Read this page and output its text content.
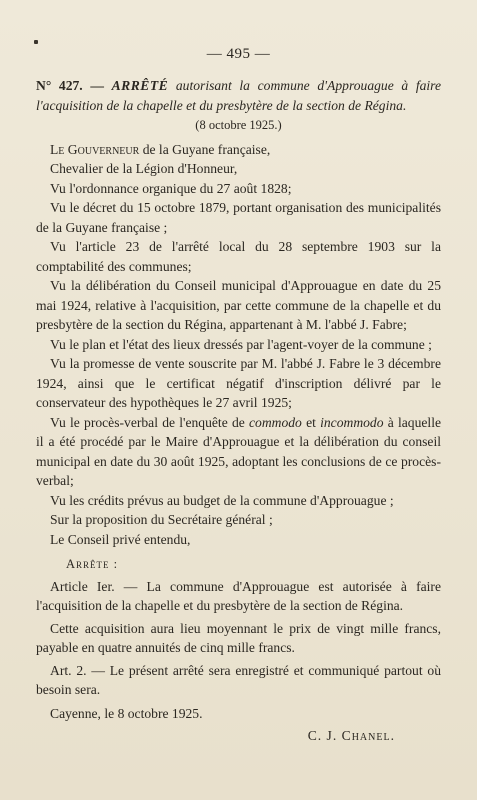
— 495 —

N° 427. — ARRÊTÉ autorisant la commune d'Approuague à faire l'acquisition de la chapelle et du presbytère de la section de Régina.

(8 octobre 1925.)

Le Gouverneur de la Guyane française,

Chevalier de la Légion d'Honneur,

Vu l'ordonnance organique du 27 août 1828;

Vu le décret du 15 octobre 1879, portant organisation des municipalités de la Guyane française ;

Vu l'article 23 de l'arrêté local du 28 septembre 1903 sur la comptabilité des communes;

Vu la délibération du Conseil municipal d'Approuague en date du 25 mai 1924, relative à l'acquisition, par cette commune de la chapelle et du presbytère de la section du Régina, appartenant à M. l'abbé J. Fabre;

Vu le plan et l'état des lieux dressés par l'agent-voyer de la commune ;

Vu la promesse de vente souscrite par M. l'abbé J. Fabre le 3 décembre 1924, ainsi que le certificat négatif d'inscription délivré par le conservateur des hypothèques le 27 avril 1925;

Vu le procès-verbal de l'enquête de commodo et incommodo à laquelle il a été procédé par le Maire d'Approuague et la délibération du conseil municipal en date du 30 août 1925, adoptant les conclusions de ce procès-verbal;

Vu les crédits prévus au budget de la commune d'Approuague ;

Sur la proposition du Secrétaire général ;

Le Conseil privé entendu,

Arrête :

Article Ier. — La commune d'Approuague est autorisée à faire l'acquisition de la chapelle et du presbytère de la section de Régina.

Cette acquisition aura lieu moyennant le prix de vingt mille francs, payable en quatre annuités de cinq mille francs.

Art. 2. — Le présent arrêté sera enregistré et communiqué partout où besoin sera.

Cayenne, le 8 octobre 1925.
C. J. Chanel.
